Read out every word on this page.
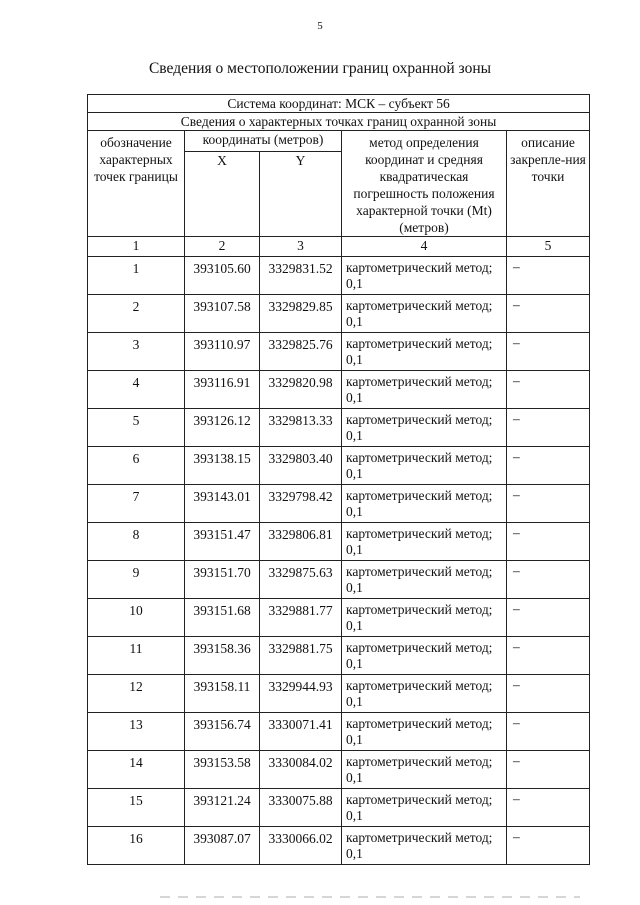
5
Сведения о местоположении границ охранной зоны
Система координат: МСК – субъект 56				
Сведения о характерных точках границ охранной зоны				
обозначение характерных точек границы	координаты (метров)		метод определения координат и средняя квадратическая погрешность положения характерной точки (Mt) (метров)	описание закрепле-ния точки
	X	Y		
1	2	3	4	5
1	393105.60	3329831.52	картометрический метод; 0,1	–
2	393107.58	3329829.85	картометрический метод; 0,1	–
3	393110.97	3329825.76	картометрический метод; 0,1	–
4	393116.91	3329820.98	картометрический метод; 0,1	–
5	393126.12	3329813.33	картометрический метод; 0,1	–
6	393138.15	3329803.40	картометрический метод; 0,1	–
7	393143.01	3329798.42	картометрический метод; 0,1	–
8	393151.47	3329806.81	картометрический метод; 0,1	–
9	393151.70	3329875.63	картометрический метод; 0,1	–
10	393151.68	3329881.77	картометрический метод; 0,1	–
11	393158.36	3329881.75	картометрический метод; 0,1	–
12	393158.11	3329944.93	картометрический метод; 0,1	–
13	393156.74	3330071.41	картометрический метод; 0,1	–
14	393153.58	3330084.02	картометрический метод; 0,1	–
15	393121.24	3330075.88	картометрический метод; 0,1	–
16	393087.07	3330066.02	картометрический метод; 0,1	–
